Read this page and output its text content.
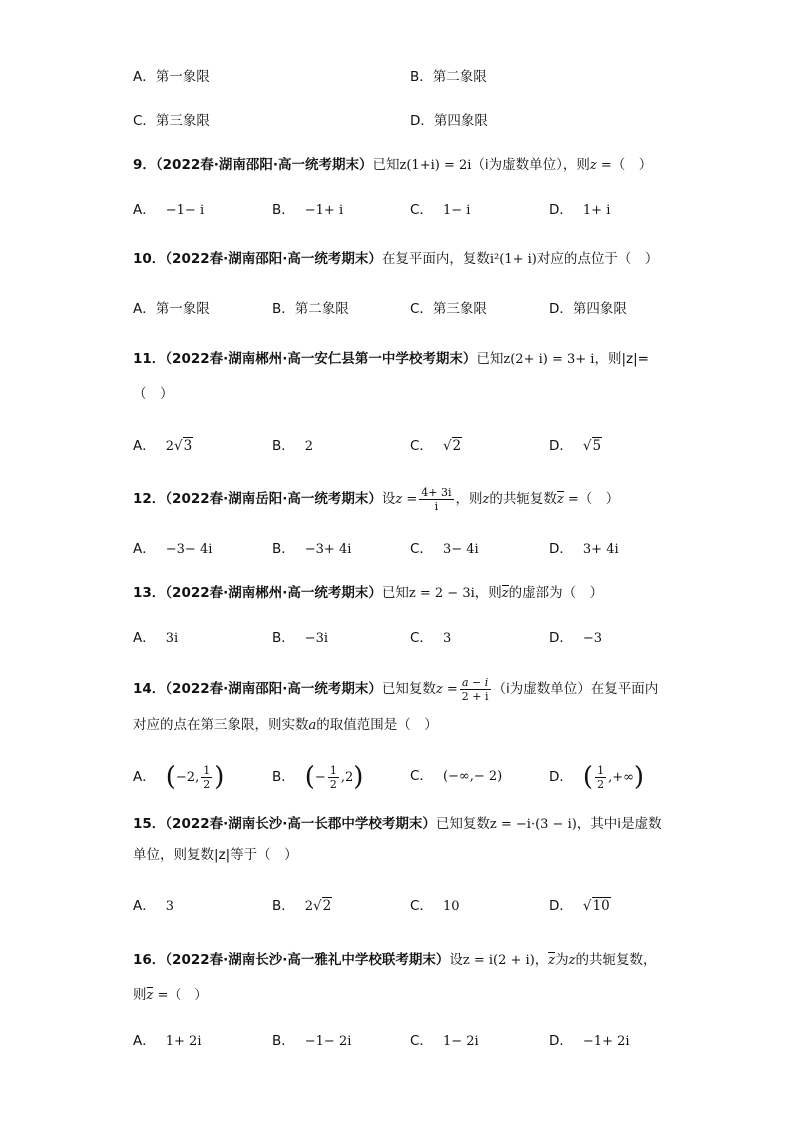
A．第一象限	B．第二象限
C．第三象限	D．第四象限
9．（2022春·湖南邵阳·高一统考期末）已知z(1+i) = 2i（i为虚数单位），则z =（　）
A． −1− i	B． −1+ i	C． 1− i	D． 1+ i
10．（2022春·湖南邵阳·高一统考期末）在复平面内，复数i²(1+ i)对应的点位于（　）
A．第一象限	B．第二象限	C．第三象限	D．第四象限
11．（2022春·湖南郴州·高一安仁县第一中学校考期末）已知z(2+ i) = 3+ i，则|z|=
（　）
A． 2√3	B． 2	C． √2	D． √5
12．（2022春·湖南岳阳·高一统考期末）设$z = \frac{4+ 3i}{i}$ ，则z的共轭复数z =（　）
A． −3− 4i	B． −3+ 4i	C． 3− 4i	D． 3+ 4i
13．（2022春·湖南郴州·高一统考期末）已知z = 2 − 3i，则z的虚部为（　）
A． 3i	B． −3i	C． 3	D． −3
14．（2022春·湖南邵阳·高一统考期末）已知复数$z = \frac{a - i}{2 + i} (i$为虚数单位）在复平面内
对应的点在第三象限，则实数a的取值范围是（　）
A． (−2, $\frac{1}{2}$ )	B． (− $\frac{1}{2} ,2$)	C． (−∞,− 2)	D． ( $\frac{1}{2}$ ,+∞)
15．（2022春·湖南长沙·高一长郡中学校考期末）已知复数z = −i·(3 − i)，其中i是虚数
单位，则复数|z|等于（　）
A． 3	B． 2√2	C． 10	D． √10
16．（2022春·湖南长沙·高一雅礼中学校联考期末）设z = i(2 + i)，z为z的共轭复数，
则z =（　）
A． 1+ 2i	B． −1− 2i	C． 1− 2i	D． −1+ 2i
